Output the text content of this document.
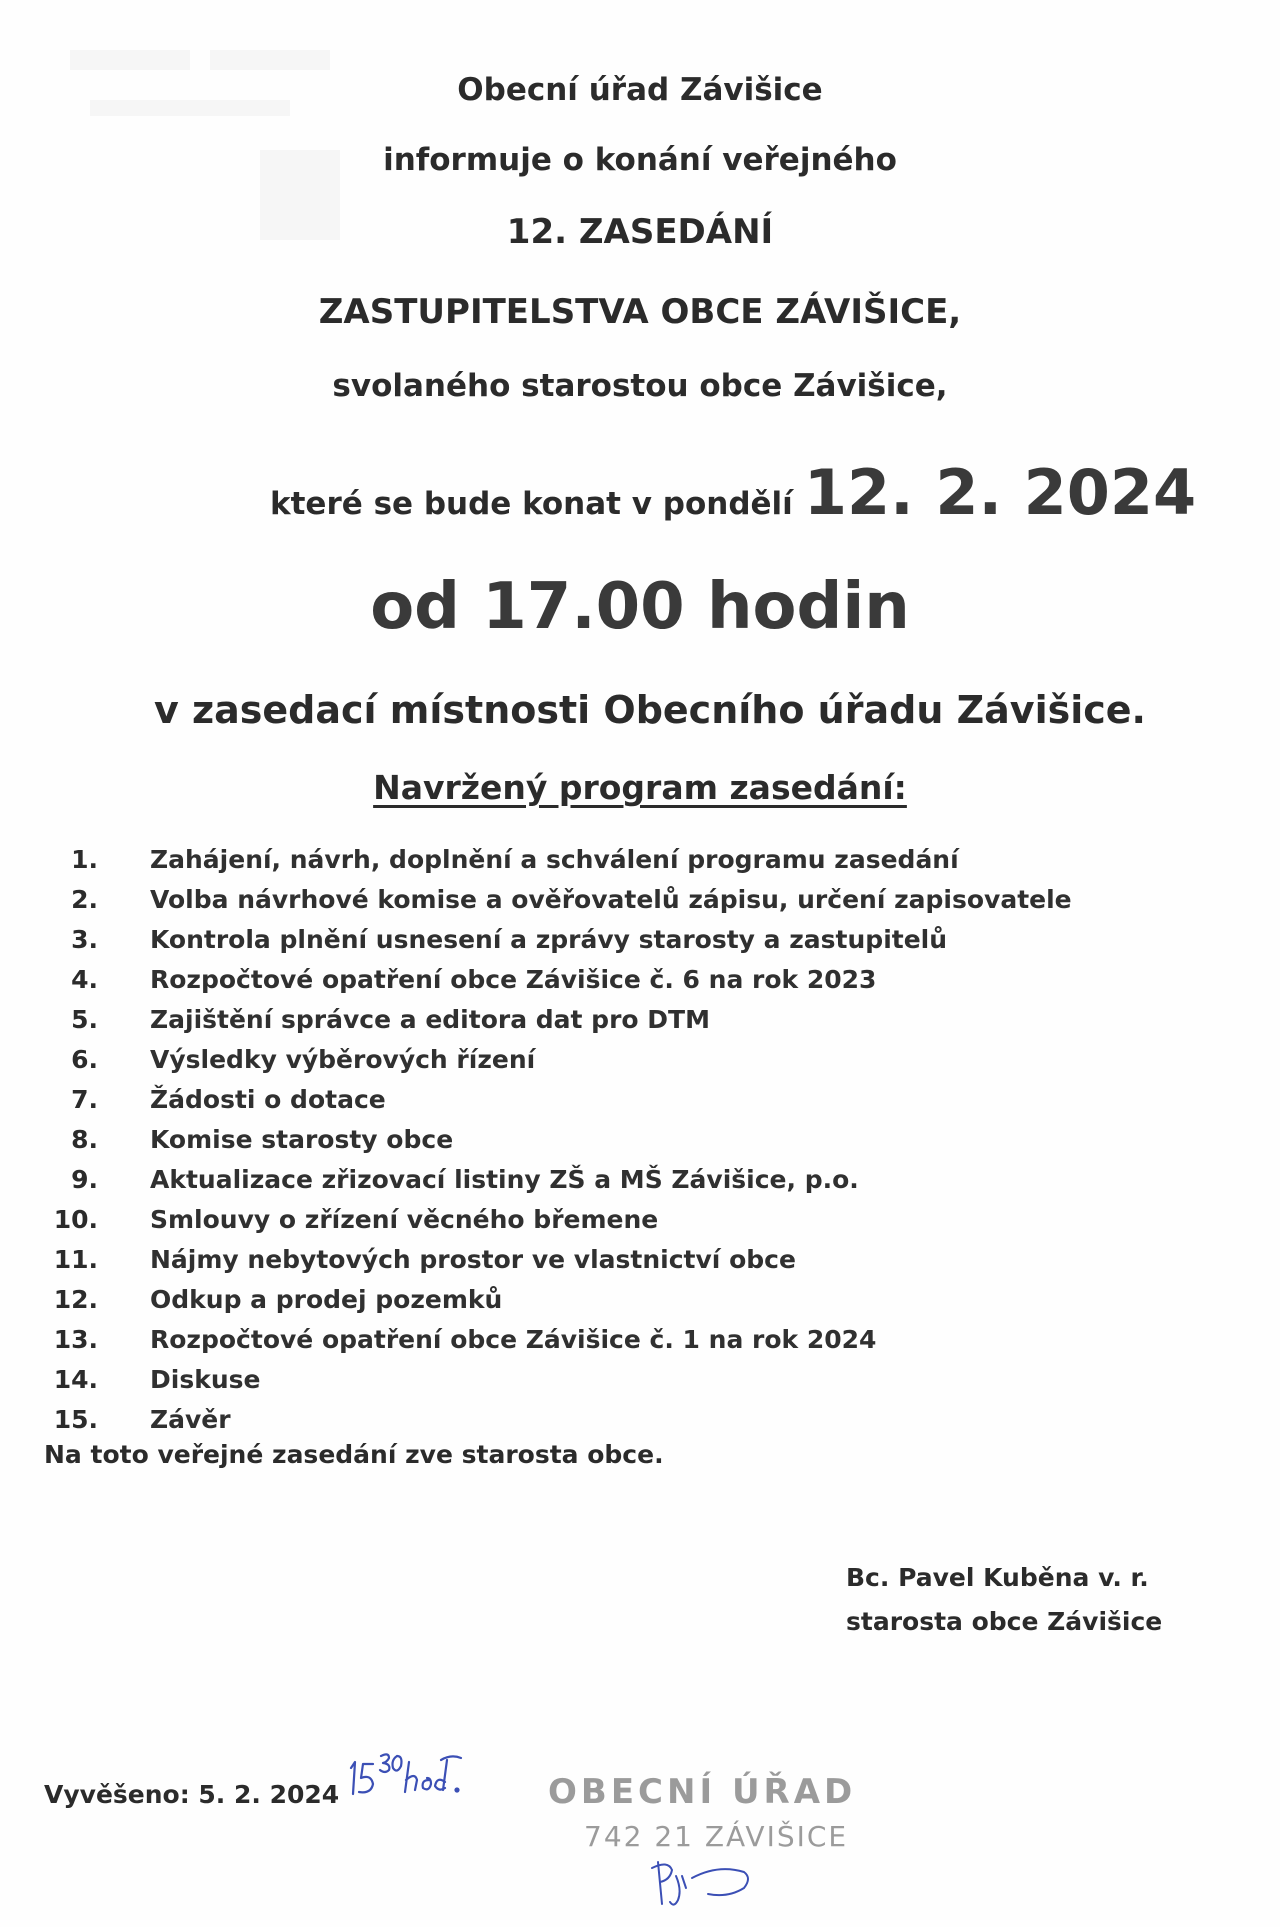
Obecní úřad Závišice
informuje o konání veřejného
12. ZASEDÁNÍ
ZASTUPITELSTVA OBCE ZÁVIŠICE,
svolaného starostou obce Závišice,
které se bude konat v pondělí 12. 2. 2024
od 17.00 hodin
v zasedací místnosti Obecního úřadu Závišice.
Navržený program zasedání:
1. Zahájení, návrh, doplnění a schválení programu zasedání
2. Volba návrhové komise a ověřovatelů zápisu, určení zapisovatele
3. Kontrola plnění usnesení a zprávy starosty a zastupitelů
4. Rozpočtové opatření obce Závišice č. 6 na rok 2023
5. Zajištění správce a editora dat pro DTM
6. Výsledky výběrových řízení
7. Žádosti o dotace
8. Komise starosty obce
9. Aktualizace zřizovací listiny ZŠ a MŠ Závišice, p.o.
10. Smlouvy o zřízení věcného břemene
11. Nájmy nebytových prostor ve vlastnictví obce
12. Odkup a prodej pozemků
13. Rozpočtové opatření obce Závišice č. 1 na rok 2024
14. Diskuse
15. Závěr
Na toto veřejné zasedání zve starosta obce.
Bc. Pavel Kuběna v. r.
starosta obce Závišice
Vyvěšeno: 5. 2. 2024	OBECNÍ ÚŘAD
742 21 ZÁVIŠICE
